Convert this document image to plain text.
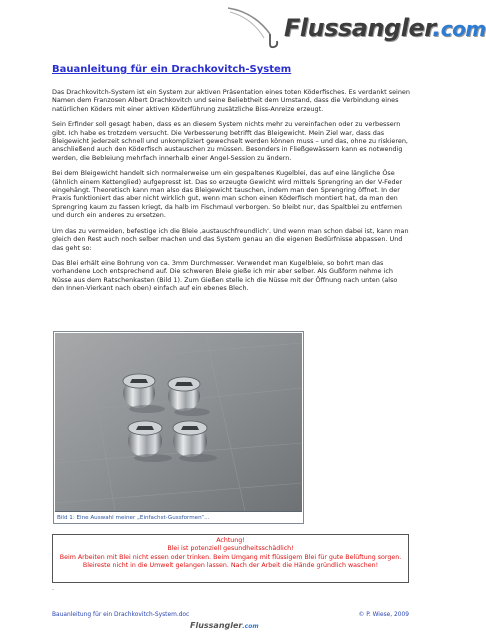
Flussangler.com
Bauanleitung für ein Drachkovitch-System

Das Drachkovitch-System ist ein System zur aktiven Präsentation eines toten Köderfisches. Es verdankt seinen Namen dem Franzosen Albert Drachkovitch und seine Beliebtheit dem Umstand, dass die Verbindung eines natürlichen Köders mit einer aktiven Köderführung zusätzliche Biss-Anreize erzeugt.

Sein Erfinder soll gesagt haben, dass es an diesem System nichts mehr zu vereinfachen oder zu verbessern gibt. Ich habe es trotzdem versucht. Die Verbesserung betrifft das Bleigewicht. Mein Ziel war, dass das Bleigewicht jederzeit schnell und unkompliziert gewechselt werden können muss – und das, ohne zu riskieren, anschließend auch den Köderfisch austauschen zu müssen. Besonders in Fließgewässern kann es notwendig werden, die Bebleiung mehrfach innerhalb einer Angel-Session zu ändern.

Bei dem Bleigewicht handelt sich normalerweise um ein gespaltenes Kugelblei, das auf eine längliche Öse (ähnlich einem Kettenglied) aufgepresst ist. Das so erzeugte Gewicht wird mittels Sprengring an der V-Feder eingehängt. Theoretisch kann man also das Bleigewicht tauschen, indem man den Sprengring öffnet. In der Praxis funktioniert das aber nicht wirklich gut, wenn man schon einen Köderfisch montiert hat, da man den Sprengring kaum zu fassen kriegt, da halb im Fischmaul verborgen. So bleibt nur, das Spaltblei zu entfernen und durch ein anderes zu ersetzen.

Um das zu vermeiden, befestige ich die Bleie ‚austauschfreundlich‘. Und wenn man schon dabei ist, kann man gleich den Rest auch noch selber machen und das System genau an die eigenen Bedürfnisse abpassen. Und das geht so:

Das Blei erhält eine Bohrung von ca. 3mm Durchmesser. Verwendet man Kugelbleie, so bohrt man das vorhandene Loch entsprechend auf. Die schweren Bleie gieße ich mir aber selber. Als Gußform nehme ich Nüsse aus dem Ratschenkasten (Bild 1). Zum Gießen stelle ich die Nüsse mit der Öffnung nach unten (also den Innen-Vierkant nach oben) einfach auf ein ebenes Blech.

Bild 1: Eine Auswahl meiner „Einfachst-Gussformen“...
Achtung!
Blei ist potenziell gesundheitsschädlich!
Beim Arbeiten mit Blei nicht essen oder trinken. Beim Umgang mit flüssigem Blei für gute Belüftung sorgen. Bleireste nicht in die Umwelt gelangen lassen. Nach der Arbeit die Hände gründlich waschen!
.
Bauanleitung für ein Drachkovitch-System.doc	© P. Wiese, 2009
Flussangler.com
